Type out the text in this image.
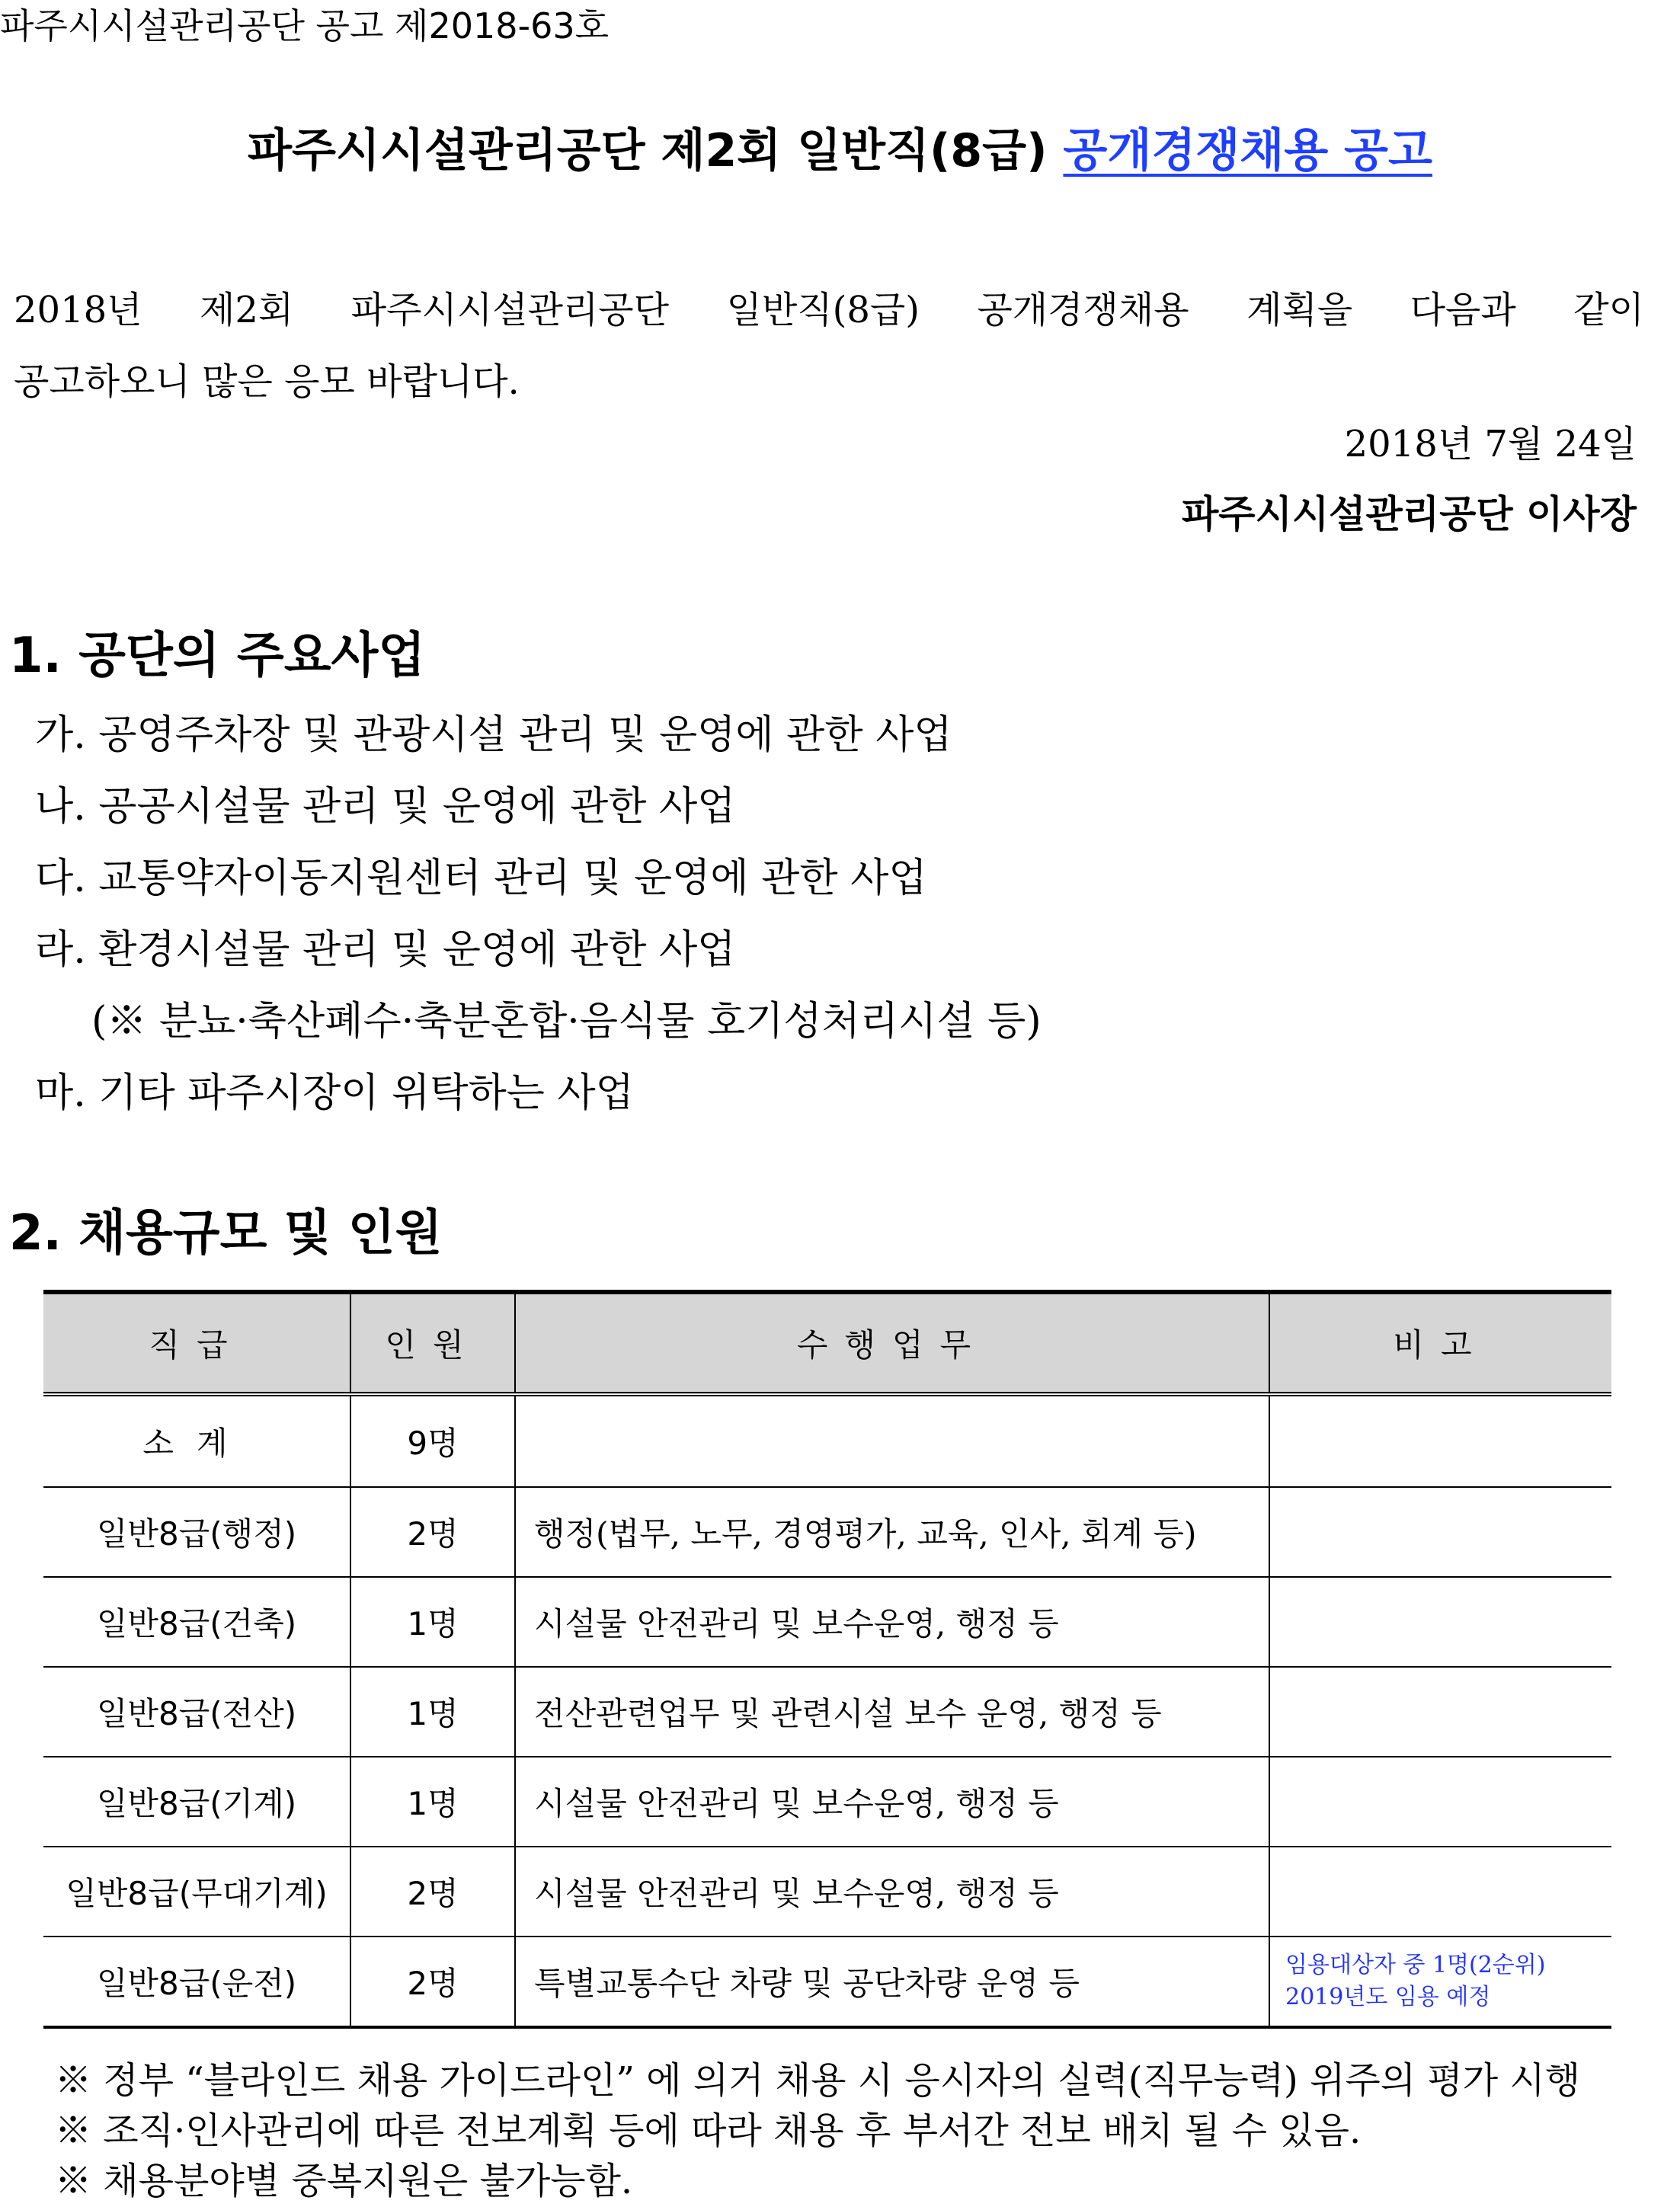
파주시시설관리공단 공고 제2018-63호
파주시시설관리공단 제2회 일반직(8급) 공개경쟁채용 공고
2018년 제2회 파주시시설관리공단 일반직(8급) 공개경쟁채용 계획을 다음과 같이
공고하오니 많은 응모 바랍니다.
2018년 7월 24일
파주시시설관리공단 이사장
1. 공단의 주요사업
가. 공영주차장 및 관광시설 관리 및 운영에 관한 사업
나. 공공시설물 관리 및 운영에 관한 사업
다. 교통약자이동지원센터 관리 및 운영에 관한 사업
라. 환경시설물 관리 및 운영에 관한 사업
(※ 분뇨·축산폐수·축분혼합·음식물 호기성처리시설 등)
마. 기타 파주시장이 위탁하는 사업
2. 채용규모 및 인원
직급	인원	수행업무	비고
소계	9명		
일반8급(행정)	2명	행정(법무, 노무, 경영평가, 교육, 인사, 회계 등)	
일반8급(건축)	1명	시설물 안전관리 및 보수운영, 행정 등	
일반8급(전산)	1명	전산관련업무 및 관련시설 보수 운영, 행정 등	
일반8급(기계)	1명	시설물 안전관리 및 보수운영, 행정 등	
일반8급(무대기계)	2명	시설물 안전관리 및 보수운영, 행정 등	
일반8급(운전)	2명	특별교통수단 차량 및 공단차량 운영 등	임용대상자 중 1명(2순위)
2019년도 임용 예정
※ 정부 “블라인드 채용 가이드라인” 에 의거 채용 시 응시자의 실력(직무능력) 위주의 평가 시행
※ 조직·인사관리에 따른 전보계획 등에 따라 채용 후 부서간 전보 배치 될 수 있음.
※ 채용분야별 중복지원은 불가능함.
